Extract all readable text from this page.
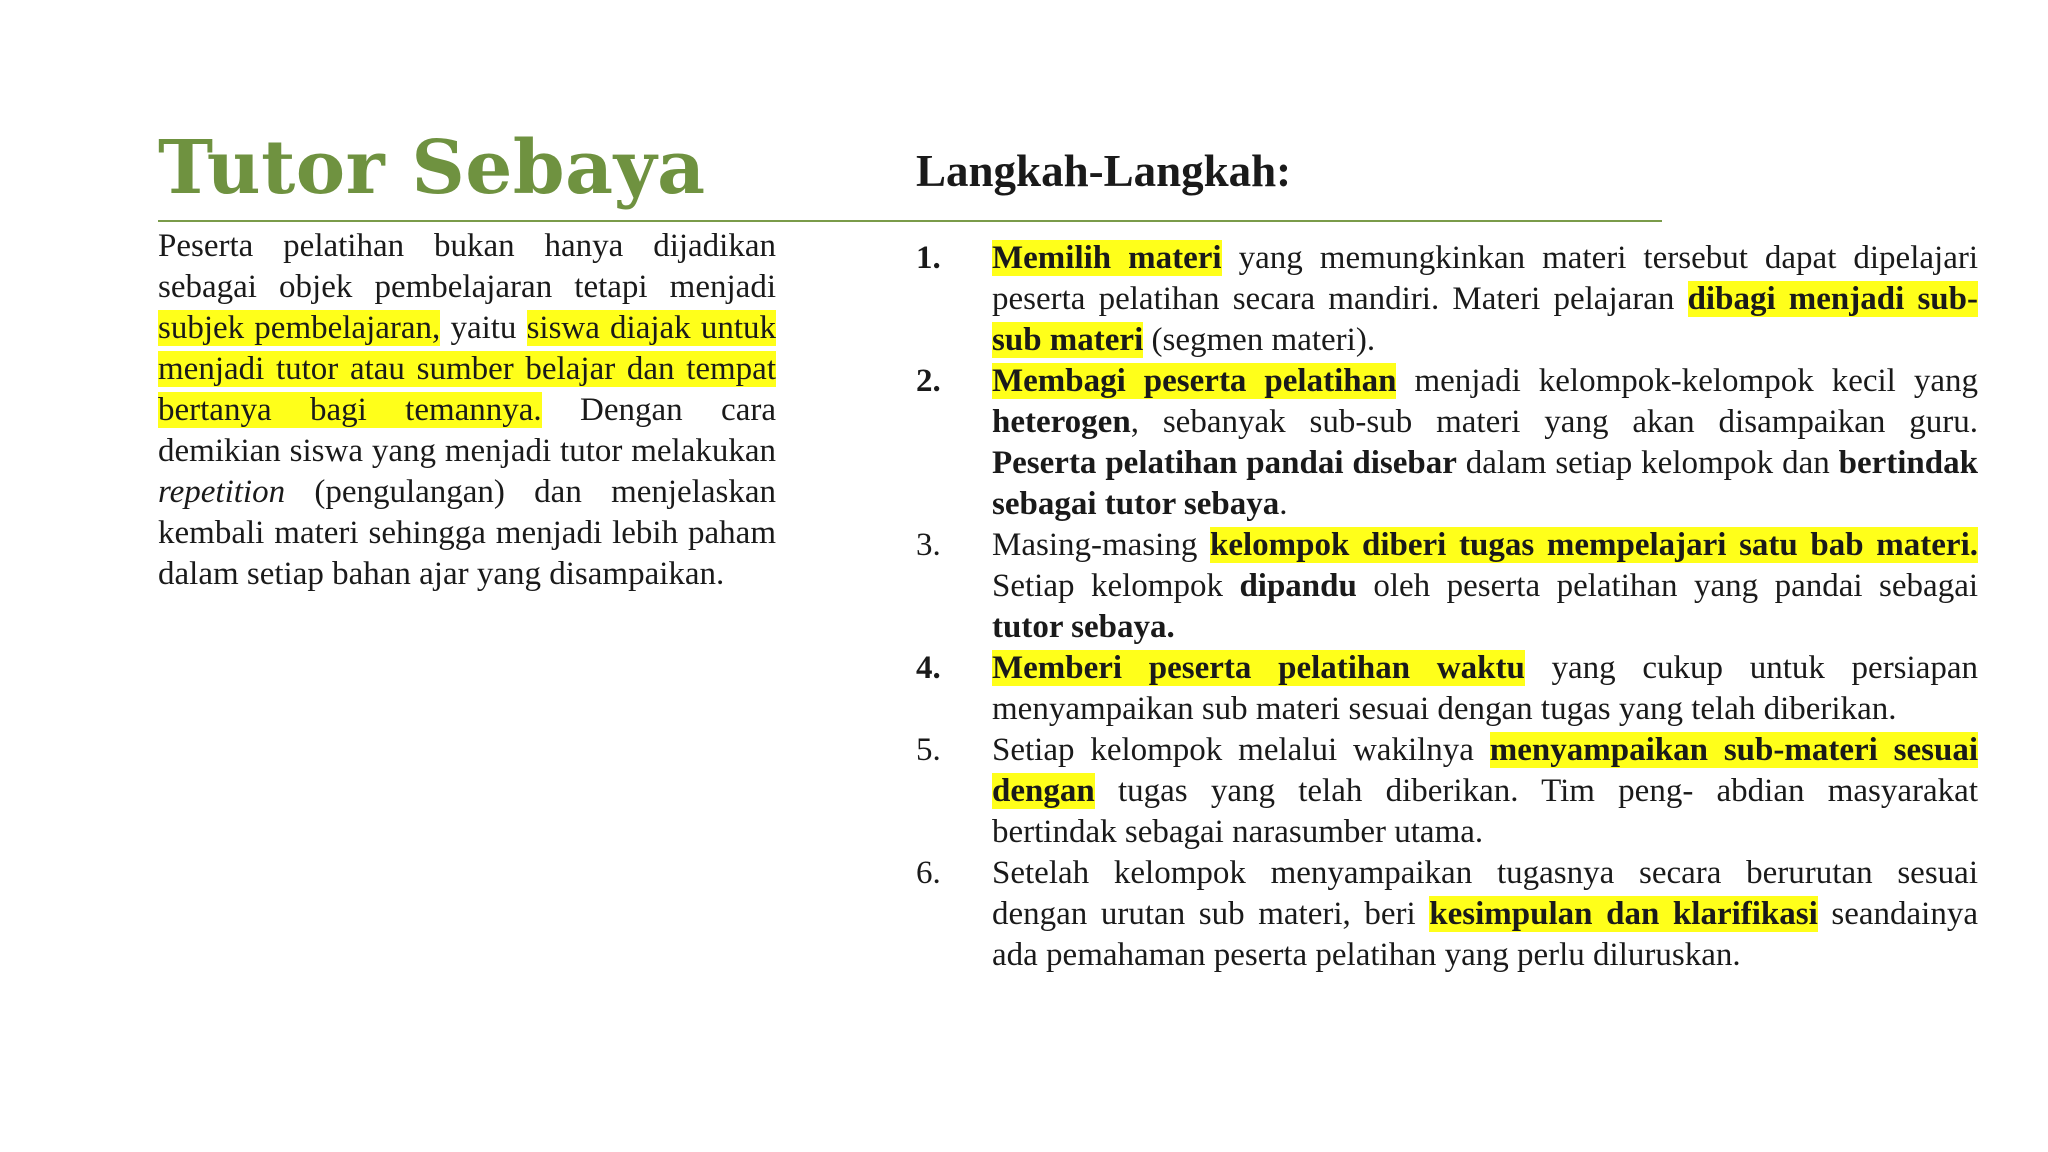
Tutor Sebaya

Peserta pelatihan bukan hanya dijadikan sebagai objek pembelajaran tetapi menjadi subjek pembelajaran, yaitu siswa diajak untuk menjadi tutor atau sumber belajar dan tempat bertanya bagi temannya. Dengan cara demikian siswa yang menjadi tutor melakukan repetition (pengulangan) dan menjelaskan kembali materi sehingga menjadi lebih paham dalam setiap bahan ajar yang disampaikan.

Langkah-Langkah:
1. Memilih materi yang memungkinkan materi tersebut dapat dipelajari peserta pelatihan secara mandiri. Materi pelajaran dibagi menjadi sub-sub materi (segmen materi).
2. Membagi peserta pelatihan menjadi kelompok-kelompok kecil yang heterogen, sebanyak sub-sub materi yang akan disampaikan guru. Peserta pelatihan pandai disebar dalam setiap kelompok dan bertindak sebagai tutor sebaya.
3. Masing-masing kelompok diberi tugas mempelajari satu bab materi. Setiap kelompok dipandu oleh peserta pelatihan yang pandai sebagai tutor sebaya.
4. Memberi peserta pelatihan waktu yang cukup untuk persiapan menyampaikan sub materi sesuai dengan tugas yang telah diberikan.
5. Setiap kelompok melalui wakilnya menyampaikan sub-materi sesuai dengan tugas yang telah diberikan. Tim peng- abdian masyarakat bertindak sebagai narasumber utama.
6. Setelah kelompok menyampaikan tugasnya secara berurutan sesuai dengan urutan sub materi, beri kesimpulan dan klarifikasi seandainya ada pemahaman peserta pelatihan yang perlu diluruskan.
